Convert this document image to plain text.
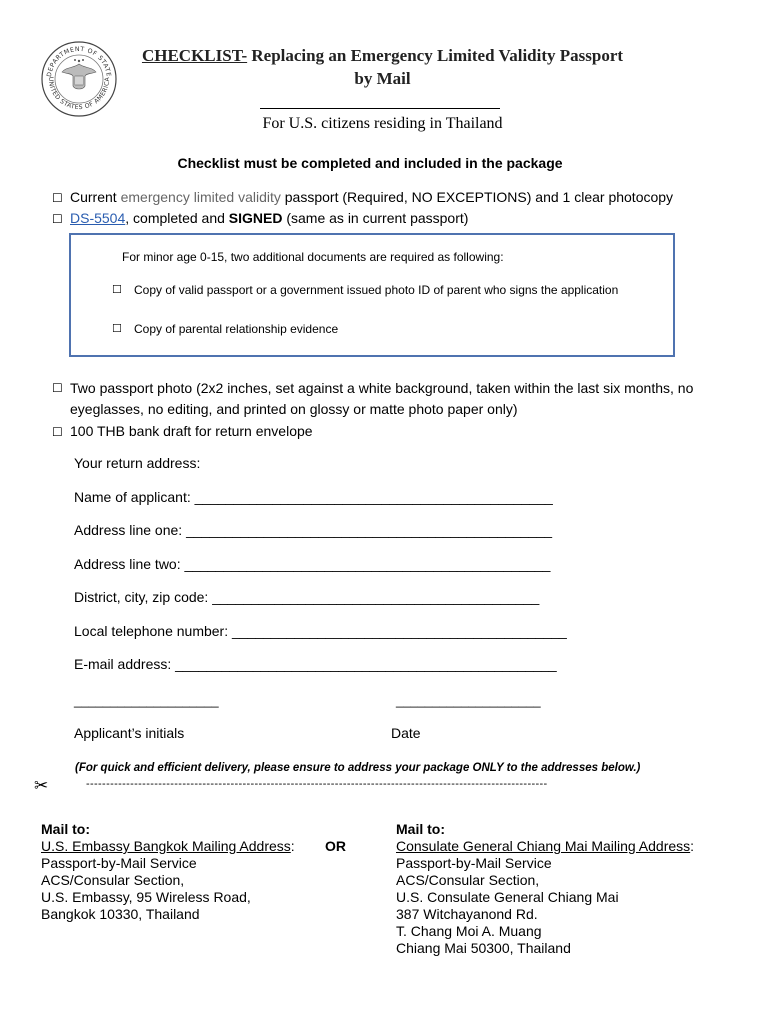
DEPARTMENT OF STATE
UNITED STATES OF AMERICA
CHECKLIST- Replacing an Emergency Limited Validity Passport
by Mail
For U.S. citizens residing in Thailand
Checklist must be completed and included in the package
☐ Current emergency limited validity passport (Required, NO EXCEPTIONS) and 1 clear photocopy
☐ DS-5504, completed and SIGNED (same as in current passport)
For minor age 0-15, two additional documents are required as following:
☐ Copy of valid passport or a government issued photo ID of parent who signs the application
☐ Copy of parental relationship evidence
☐ Two passport photo (2x2 inches, set against a white background, taken within the last six months, no eyeglasses, no editing, and printed on glossy or matte photo paper only)
☐ 100 THB bank draft for return envelope
Your return address:
Name of applicant: ______________________________________________
Address line one: _______________________________________________
Address line two: _______________________________________________
District, city, zip code: __________________________________________
Local telephone number: ___________________________________________
E-mail address: _________________________________________________
____________________	____________________
Applicant’s initials	Date
(For quick and efficient delivery, please ensure to address your package ONLY to the addresses below.)
✂	-------------------------------------------------------------------------------------------------------------------
Mail to:
U.S. Embassy Bangkok Mailing Address:
Passport-by-Mail Service
ACS/Consular Section,
U.S. Embassy, 95 Wireless Road,
Bangkok 10330, Thailand
OR
Mail to:
Consulate General Chiang Mai Mailing Address:
Passport-by-Mail Service
ACS/Consular Section,
U.S. Consulate General Chiang Mai
387 Witchayanond Rd.
T. Chang Moi A. Muang
Chiang Mai 50300, Thailand
